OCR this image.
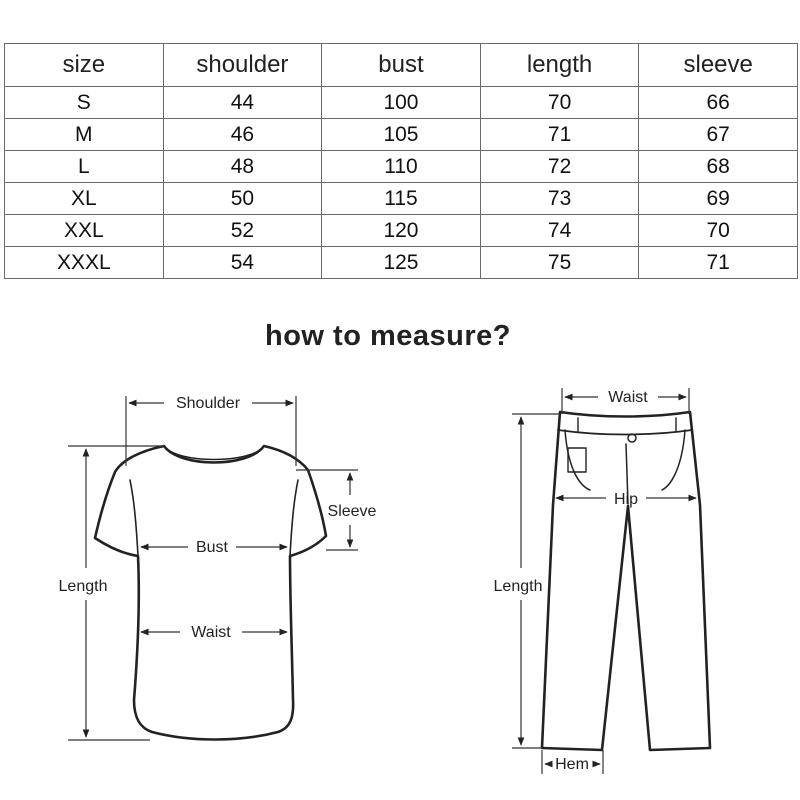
size	shoulder	bust	length	sleeve
S	44	100	70	66
M	46	105	71	67
L	48	110	72	68
XL	50	115	73	69
XXL	52	120	74	70
XXXL	54	125	75	71
how to measure?
Shoulder
Sleeve
Bust
Waist
Length
Waist
Hip
Length
Hem
